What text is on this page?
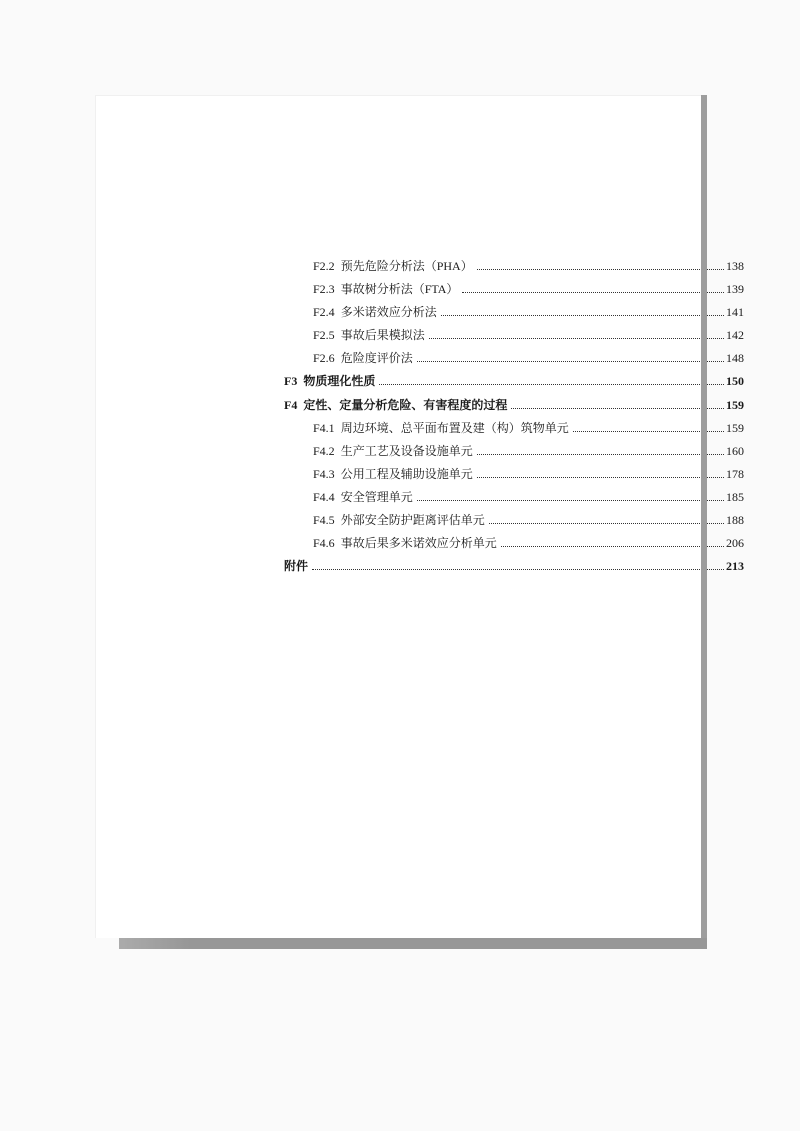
F2.2 预先危险分析法（PHA）	138
F2.3 事故树分析法（FTA）	139
F2.4 多米诺效应分析法	141
F2.5 事故后果模拟法	142
F2.6 危险度评价法	148
F3 物质理化性质	150
F4 定性、定量分析危险、有害程度的过程	159
F4.1 周边环境、总平面布置及建（构）筑物单元	159
F4.2 生产工艺及设备设施单元	160
F4.3 公用工程及辅助设施单元	178
F4.4 安全管理单元	185
F4.5 外部安全防护距离评估单元	188
F4.6 事故后果多米诺效应分析单元	206
附件	213
